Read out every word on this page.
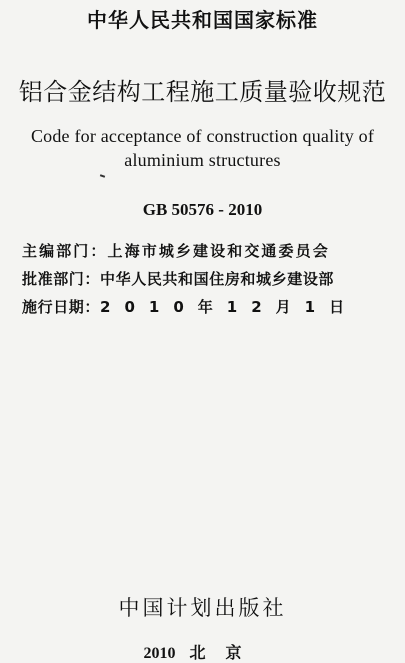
中华人民共和国国家标准
铝合金结构工程施工质量验收规范
Code for acceptance of construction quality of
aluminium structures
GB 50576 - 2010
主编部门：上海市城乡建设和交通委员会
批准部门：中华人民共和国住房和城乡建设部
施行日期：2010年12月1日
中国计划出版社
2010 北京
